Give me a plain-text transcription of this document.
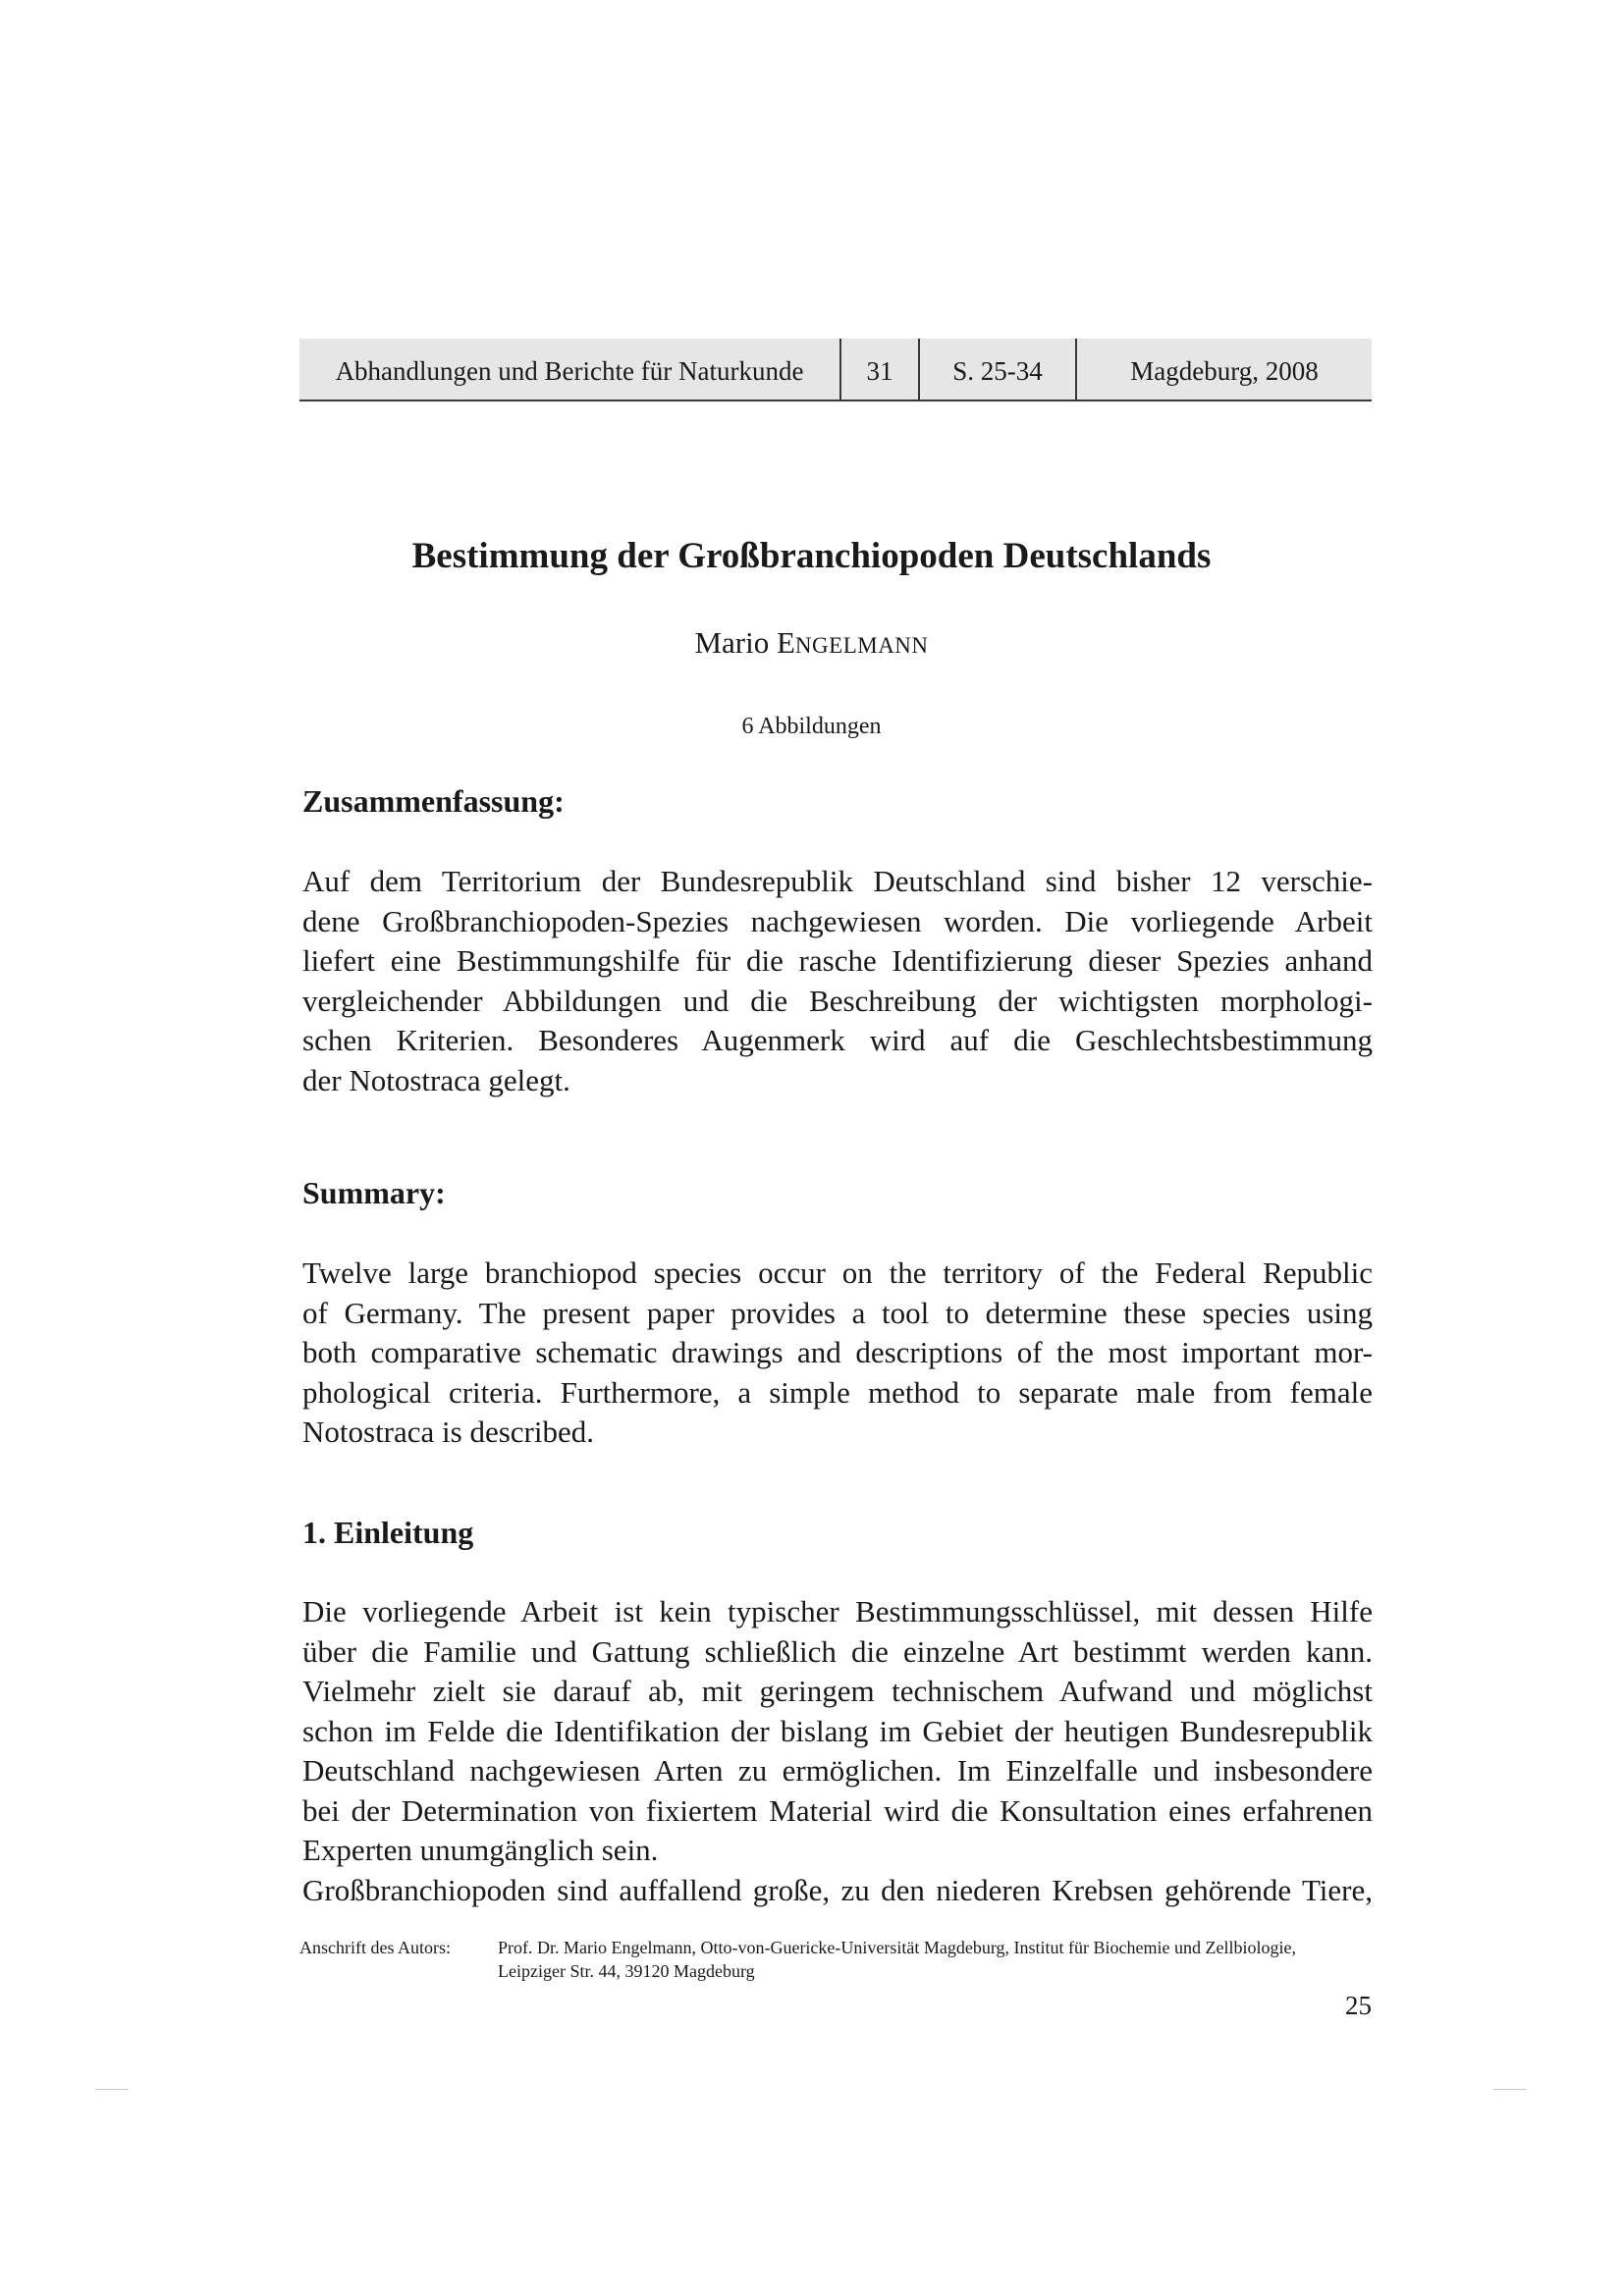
Abhandlungen und Berichte für Naturkunde	31	S. 25-34	Magdeburg, 2008
Bestimmung der Großbranchiopoden Deutschlands
Mario ENGELMANN
6 Abbildungen
Zusammenfassung:
Auf dem Territorium der Bundesrepublik Deutschland sind bisher 12 verschie-
dene Großbranchiopoden-Spezies nachgewiesen worden. Die vorliegende Arbeit
liefert eine Bestimmungshilfe für die rasche Identifizierung dieser Spezies anhand
vergleichender Abbildungen und die Beschreibung der wichtigsten morphologi-
schen Kriterien. Besonderes Augenmerk wird auf die Geschlechtsbestimmung
der Notostraca gelegt.
Summary:
Twelve large branchiopod species occur on the territory of the Federal Republic
of Germany. The present paper provides a tool to determine these species using
both comparative schematic drawings and descriptions of the most important mor-
phological criteria. Furthermore, a simple method to separate male from female
Notostraca is described.
1. Einleitung
Die vorliegende Arbeit ist kein typischer Bestimmungsschlüssel, mit dessen Hilfe
über die Familie und Gattung schließlich die einzelne Art bestimmt werden kann.
Vielmehr zielt sie darauf ab, mit geringem technischem Aufwand und möglichst
schon im Felde die Identifikation der bislang im Gebiet der heutigen Bundesrepublik
Deutschland nachgewiesen Arten zu ermöglichen. Im Einzelfalle und insbesondere
bei der Determination von fixiertem Material wird die Konsultation eines erfahrenen
Experten unumgänglich sein.
Großbranchiopoden sind auffallend große, zu den niederen Krebsen gehörende Tiere,
Anschrift des Autors:	Prof. Dr. Mario Engelmann, Otto-von-Guericke-Universität Magdeburg, Institut für Biochemie und Zellbiologie,
Leipziger Str. 44, 39120 Magdeburg
25
